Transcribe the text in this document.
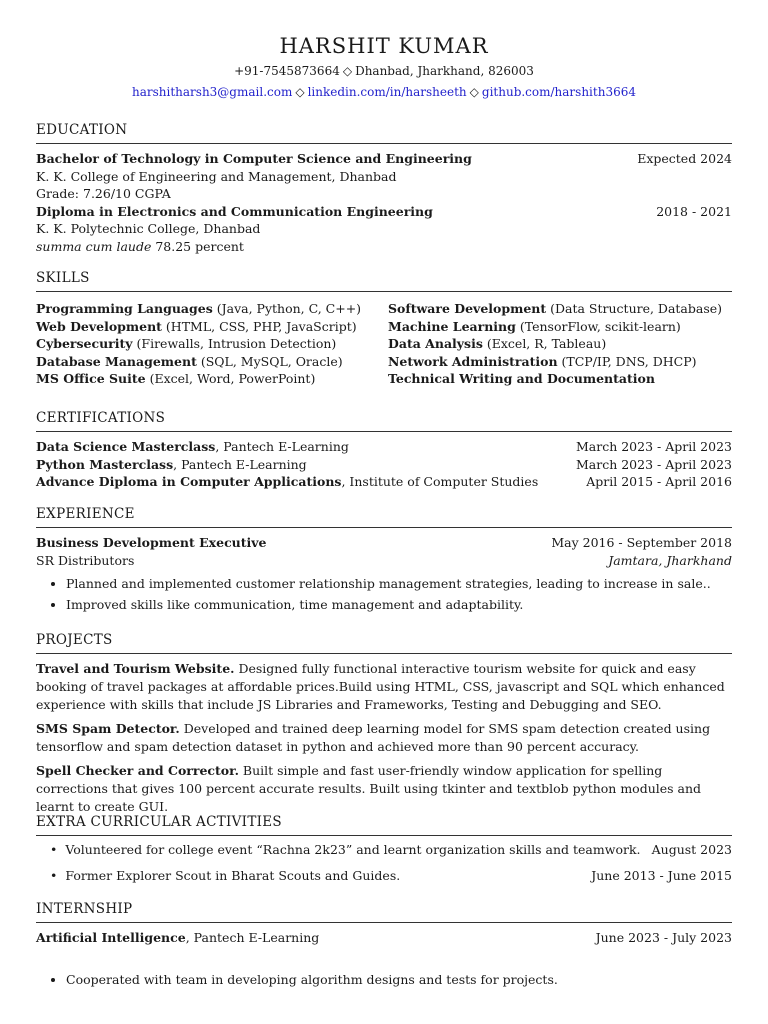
HARSHIT KUMAR
+91-7545873664 ◇ Dhanbad, Jharkhand, 826003
harshitharsh3@gmail.com ◇ linkedin.com/in/harsheeth ◇ github.com/harshith3664
EDUCATION
Bachelor of Technology in Computer Science and Engineering	Expected 2024
K. K. College of Engineering and Management, Dhanbad
Grade: 7.26/10 CGPA
Diploma in Electronics and Communication Engineering	2018 - 2021
K. K. Polytechnic College, Dhanbad
summa cum laude 78.25 percent
SKILLS
Programming Languages (Java, Python, C, C++)	Software Development (Data Structure, Database)
Web Development (HTML, CSS, PHP, JavaScript)	Machine Learning (TensorFlow, scikit-learn)
Cybersecurity (Firewalls, Intrusion Detection)	Data Analysis (Excel, R, Tableau)
Database Management (SQL, MySQL, Oracle)	Network Administration (TCP/IP, DNS, DHCP)
MS Office Suite (Excel, Word, PowerPoint)	Technical Writing and Documentation
CERTIFICATIONS
Data Science Masterclass, Pantech E-Learning	March 2023 - April 2023
Python Masterclass, Pantech E-Learning	March 2023 - April 2023
Advance Diploma in Computer Applications, Institute of Computer Studies	April 2015 - April 2016
EXPERIENCE
Business Development Executive	May 2016 - September 2018
SR Distributors	Jamtara, Jharkhand
• Planned and implemented customer relationship management strategies, leading to increase in sale..
• Improved skills like communication, time management and adaptability.
PROJECTS
Travel and Tourism Website. Designed fully functional interactive tourism website for quick and easy booking of travel packages at affordable prices.Build using HTML, CSS, javascript and SQL which enhanced experience with skills that include JS Libraries and Frameworks, Testing and Debugging and SEO.
SMS Spam Detector. Developed and trained deep learning model for SMS spam detection created using tensorflow and spam detection dataset in python and achieved more than 90 percent accuracy.
Spell Checker and Corrector. Built simple and fast user-friendly window application for spelling corrections that gives 100 percent accurate results. Built using tkinter and textblob python modules and learnt to create GUI.
EXTRA CURRICULAR ACTIVITIES
• Volunteered for college event “Rachna 2k23” and learnt organization skills and teamwork. August 2023
• Former Explorer Scout in Bharat Scouts and Guides.	June 2013 - June 2015
INTERNSHIP
Artificial Intelligence, Pantech E-Learning	June 2023 - July 2023
• Cooperated with team in developing algorithm designs and tests for projects.
